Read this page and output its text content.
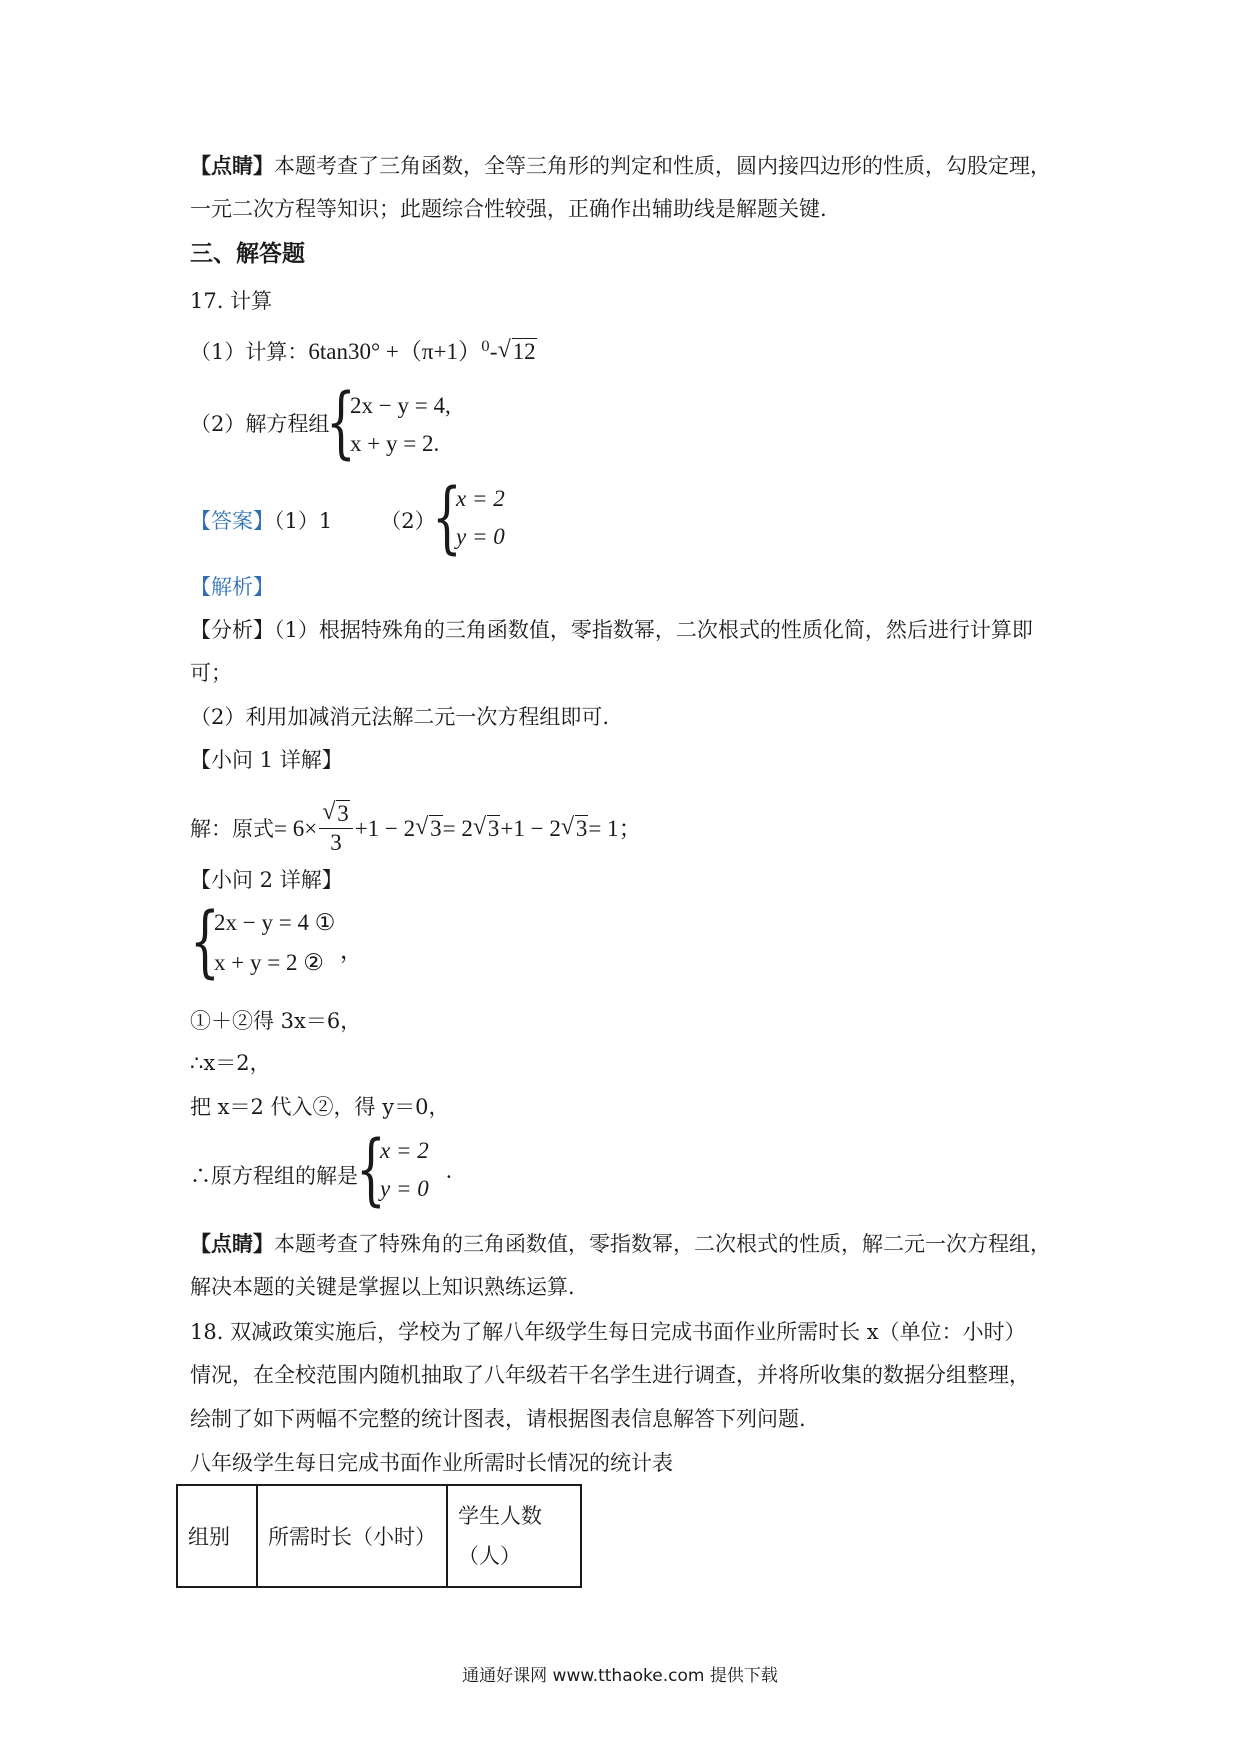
【点睛】本题考查了三角函数，全等三角形的判定和性质，圆内接四边形的性质，勾股定理，
一元二次方程等知识；此题综合性较强，正确作出辅助线是解题关键.
三、解答题
17. 计算
（1）计算：$6\tan 30^\circ +(\pi+1)^0-√$ 12
（2）解方程组
{
2x − y = 4,
x + y = 2.
【答案】（1）1 （2）
{
x = 2
y = 0
【解析】
【分析】（1）根据特殊角的三角函数值，零指数幂，二次根式的性质化简，然后进行计算即
可；
（2）利用加减消元法解二元一次方程组即可.
【小问 1 详解】
解：原式= 6×
√ $\frac{3}{3} +1 - 2√$ 3= 2√ 3+1 − 2√ 3= 1；
【小问 2 详解】
{
2x − y = 4 ①
x + y = 2 ② ，
①＋②得 3x＝6，
∴x＝2，
把 x＝2 代入②，得 y＝0，
∴原方程组的解是
{
x = 2
y = 0
.
【点睛】本题考查了特殊角的三角函数值，零指数幂，二次根式的性质，解二元一次方程组，
解决本题的关键是掌握以上知识熟练运算.
18. 双减政策实施后，学校为了解八年级学生每日完成书面作业所需时长 x（单位：小时）
情况，在全校范围内随机抽取了八年级若干名学生进行调查，并将所收集的数据分组整理，
绘制了如下两幅不完整的统计图表，请根据图表信息解答下列问题.
八年级学生每日完成书面作业所需时长情况的统计表
组别	所需时长（小时）	学生人数
（人）
通通好课网 www.tthaoke.com 提供下载
